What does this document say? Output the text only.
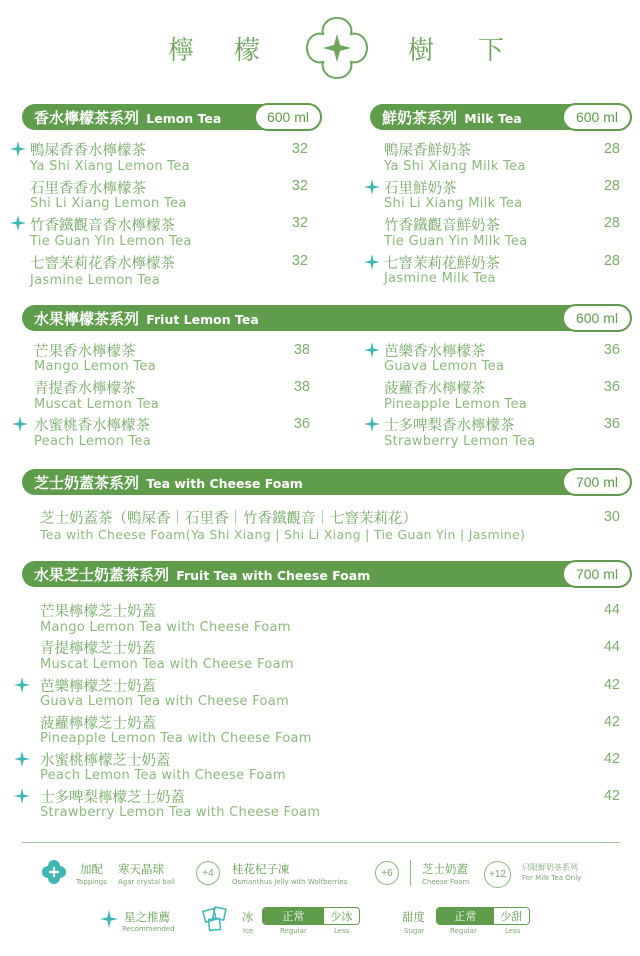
檸 檬	樹 下
香水檸檬茶系列 Lemon Tea	600 ml
鴨屎香香水檸檬茶
Ya Shi Xiang Lemon Tea
32
石里香香水檸檬茶
Shi Li Xiang Lemon Tea
32
竹香鐵觀音香水檸檬茶
Tie Guan Yin Lemon Tea
32
七窨茉莉花香水檸檬茶
Jasmine Lemon Tea
32
鮮奶茶系列 Milk Tea	600 ml
鴨屎香鮮奶茶
Ya Shi Xiang Milk Tea
28
石里鮮奶茶
Shi Li Xiang Milk Tea
28
竹香鐵觀音鮮奶茶
Tie Guan Yin Milk Tea
28
七窨茉莉花鮮奶茶
Jasmine Milk Tea
28
水果檸檬茶系列 Friut Lemon Tea	600 ml
芒果香水檸檬茶
Mango Lemon Tea
38
青提香水檸檬茶
Muscat Lemon Tea
38
水蜜桃香水檸檬茶
Peach Lemon Tea
36
芭樂香水檸檬茶
Guava Lemon Tea
36
菠蘿香水檸檬茶
Pineapple Lemon Tea
36
士多啤梨香水檸檬茶
Strawberry Lemon Tea
36
芝士奶蓋茶系列 Tea with Cheese Foam	700 ml
芝士奶蓋茶（鴨屎香｜石里香｜竹香鐵觀音｜七窨茉莉花）
Tea with Cheese Foam(Ya Shi Xiang | Shi Li Xiang | Tie Guan Yin | Jasmine)
30
水果芝士奶蓋茶系列 Fruit Tea with Cheese Foam	700 ml
芒果檸檬芝士奶蓋
Mango Lemon Tea with Cheese Foam
44
青提檸檬芝士奶蓋
Muscat Lemon Tea with Cheese Foam
44
芭樂檸檬芝士奶蓋
Guava Lemon Tea with Cheese Foam
42
菠蘿檸檬芝士奶蓋
Pineapple Lemon Tea with Cheese Foam
42
水蜜桃檸檬芝士奶蓋
Peach Lemon Tea with Cheese Foam
42
士多啤梨檸檬芝士奶蓋
Strawberry Lemon Tea with Cheese Foam
42
加配
Toppings
寒天晶球
Agar crystal ball
+4	桂花杞子凍
Osmanthus Jelly with Wolfberries
+6	芝士奶蓋
Cheese Foam
+12
只限鮮奶茶系列
For Milk Tea Only
星之推薦
Recommended
冰
Ice
正常	少冰
Regular	Less
甜度
Sugar
正常	少甜
Regular	Less
